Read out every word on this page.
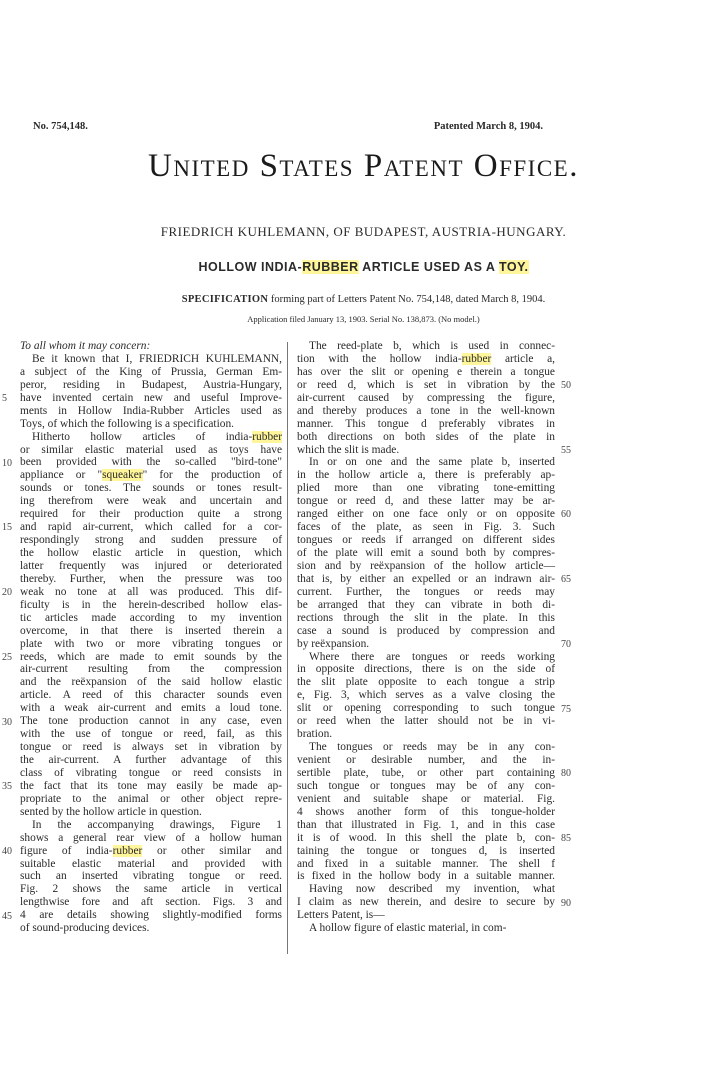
No. 754,148.	Patented March 8, 1904.
United States Patent Office.
FRIEDRICH KUHLEMANN, OF BUDAPEST, AUSTRIA-HUNGARY.
HOLLOW INDIA-RUBBER ARTICLE USED AS A TOY.
SPECIFICATION forming part of Letters Patent No. 754,148, dated March 8, 1904.
Application filed January 13, 1903. Serial No. 138,873. (No model.)
To all whom it may concern:
Be it known that I, FRIEDRICH KUHLEMANN,
a subject of the King of Prussia, German Em-
peror, residing in Budapest, Austria-Hungary,
have invented certain new and useful Improve-
ments in Hollow India-Rubber Articles used as
Toys, of which the following is a specification.
Hitherto hollow articles of india-rubber
or similar elastic material used as toys have
been provided with the so-called "bird-tone"
appliance or "squeaker" for the production of
sounds or tones. The sounds or tones result-
ing therefrom were weak and uncertain and
required for their production quite a strong
and rapid air-current, which called for a cor-
respondingly strong and sudden pressure of
the hollow elastic article in question, which
latter frequently was injured or deteriorated
thereby. Further, when the pressure was too
weak no tone at all was produced. This dif-
ficulty is in the herein-described hollow elas-
tic articles made according to my invention
overcome, in that there is inserted therein a
plate with two or more vibrating tongues or
reeds, which are made to emit sounds by the
air-current resulting from the compression
and the reëxpansion of the said hollow elastic
article. A reed of this character sounds even
with a weak air-current and emits a loud tone.
The tone production cannot in any case, even
with the use of tongue or reed, fail, as this
tongue or reed is always set in vibration by
the air-current. A further advantage of this
class of vibrating tongue or reed consists in
the fact that its tone may easily be made ap-
propriate to the animal or other object repre-
sented by the hollow article in question.
In the accompanying drawings, Figure 1
shows a general rear view of a hollow human
figure of india-rubber or other similar and
suitable elastic material and provided with
such an inserted vibrating tongue or reed.
Fig. 2 shows the same article in vertical
lengthwise fore and aft section. Figs. 3 and
4 are details showing slightly-modified forms
of sound-producing devices.
The reed-plate b, which is used in connec-
tion with the hollow india-rubber article a,
has over the slit or opening e therein a tongue
or reed d, which is set in vibration by the
air-current caused by compressing the figure,
and thereby produces a tone in the well-known
manner. This tongue d preferably vibrates in
both directions on both sides of the plate in
which the slit is made.
In or on one and the same plate b, inserted
in the hollow article a, there is preferably ap-
plied more than one vibrating tone-emitting
tongue or reed d, and these latter may be ar-
ranged either on one face only or on opposite
faces of the plate, as seen in Fig. 3. Such
tongues or reeds if arranged on different sides
of the plate will emit a sound both by compres-
sion and by reëxpansion of the hollow article—
that is, by either an expelled or an indrawn air-
current. Further, the tongues or reeds may
be arranged that they can vibrate in both di-
rections through the slit in the plate. In this
case a sound is produced by compression and
by reëxpansion.
Where there are tongues or reeds working
in opposite directions, there is on the side of
the slit plate opposite to each tongue a strip
e, Fig. 3, which serves as a valve closing the
slit or opening corresponding to such tongue
or reed when the latter should not be in vi-
bration.
The tongues or reeds may be in any con-
venient or desirable number, and the in-
sertible plate, tube, or other part containing
such tongue or tongues may be of any con-
venient and suitable shape or material. Fig.
4 shows another form of this tongue-holder
than that illustrated in Fig. 1, and in this case
it is of wood. In this shell the plate b, con-
taining the tongue or tongues d, is inserted
and fixed in a suitable manner. The shell f
is fixed in the hollow body in a suitable manner.
Having now described my invention, what
I claim as new therein, and desire to secure by
Letters Patent, is—
A hollow figure of elastic material, in com-
5
10
15
20
25
30
35
40
45
50
55
60
65
70
75
80
85
90
